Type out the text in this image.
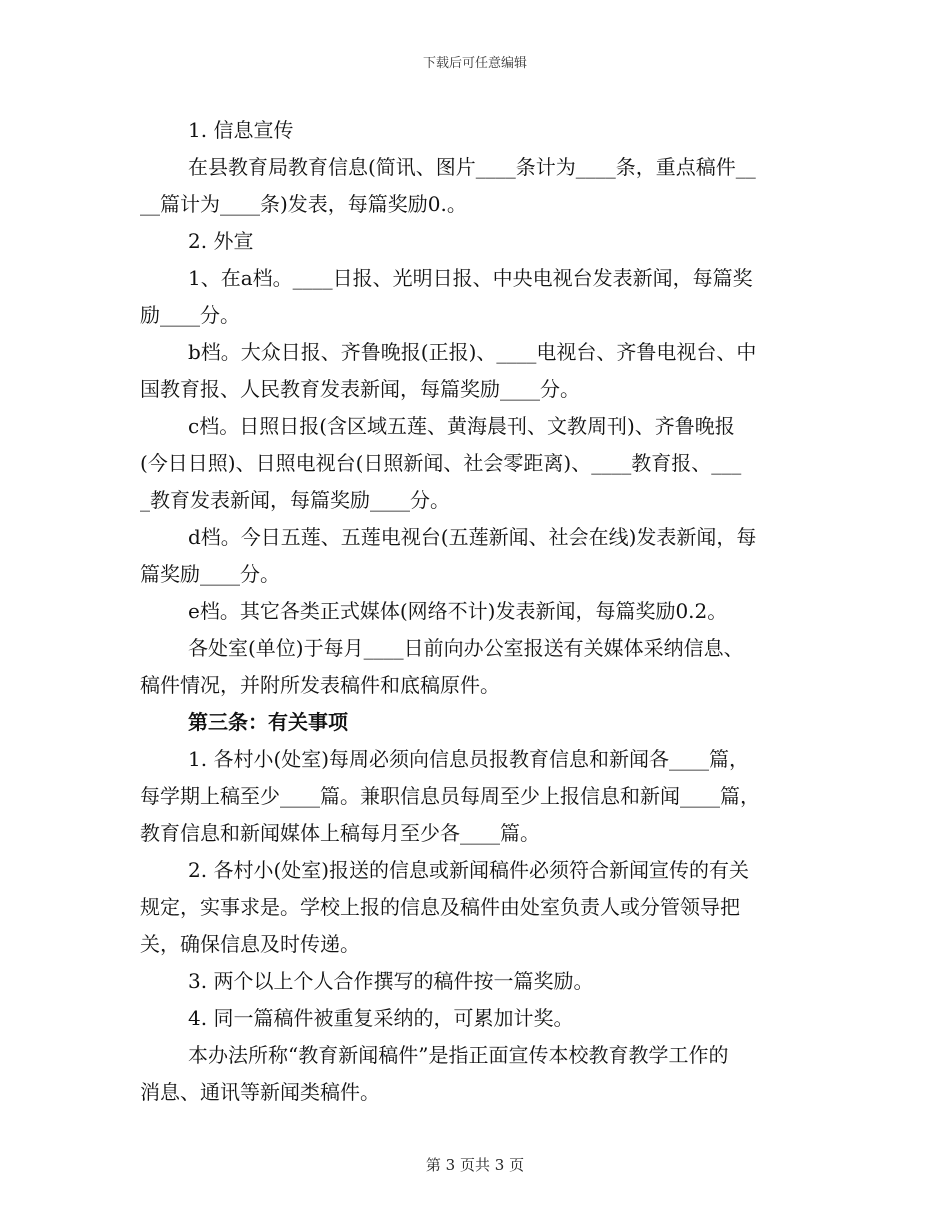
下载后可任意编辑
1. 信息宣传
在县教育局教育信息(简讯、图片____条计为____条，重点稿件__
__篇计为____条)发表，每篇奖励0.。
2. 外宣
1、在a档。____日报、光明日报、中央电视台发表新闻，每篇奖
励____分。
b档。大众日报、齐鲁晚报(正报)、____电视台、齐鲁电视台、中
国教育报、人民教育发表新闻，每篇奖励____分。
c档。日照日报(含区域五莲、黄海晨刊、文教周刊)、齐鲁晚报
(今日日照)、日照电视台(日照新闻、社会零距离)、____教育报、___
_教育发表新闻，每篇奖励____分。
d档。今日五莲、五莲电视台(五莲新闻、社会在线)发表新闻，每
篇奖励____分。
e档。其它各类正式媒体(网络不计)发表新闻，每篇奖励0.2。
各处室(单位)于每月____日前向办公室报送有关媒体采纳信息、
稿件情况，并附所发表稿件和底稿原件。
第三条：有关事项
1. 各村小(处室)每周必须向信息员报教育信息和新闻各____篇，
每学期上稿至少____篇。兼职信息员每周至少上报信息和新闻____篇，
教育信息和新闻媒体上稿每月至少各____篇。
2. 各村小(处室)报送的信息或新闻稿件必须符合新闻宣传的有关
规定，实事求是。学校上报的信息及稿件由处室负责人或分管领导把
关，确保信息及时传递。
3. 两个以上个人合作撰写的稿件按一篇奖励。
4. 同一篇稿件被重复采纳的，可累加计奖。
本办法所称“教育新闻稿件”是指正面宣传本校教育教学工作的
消息、通讯等新闻类稿件。
第 3 页共 3 页
